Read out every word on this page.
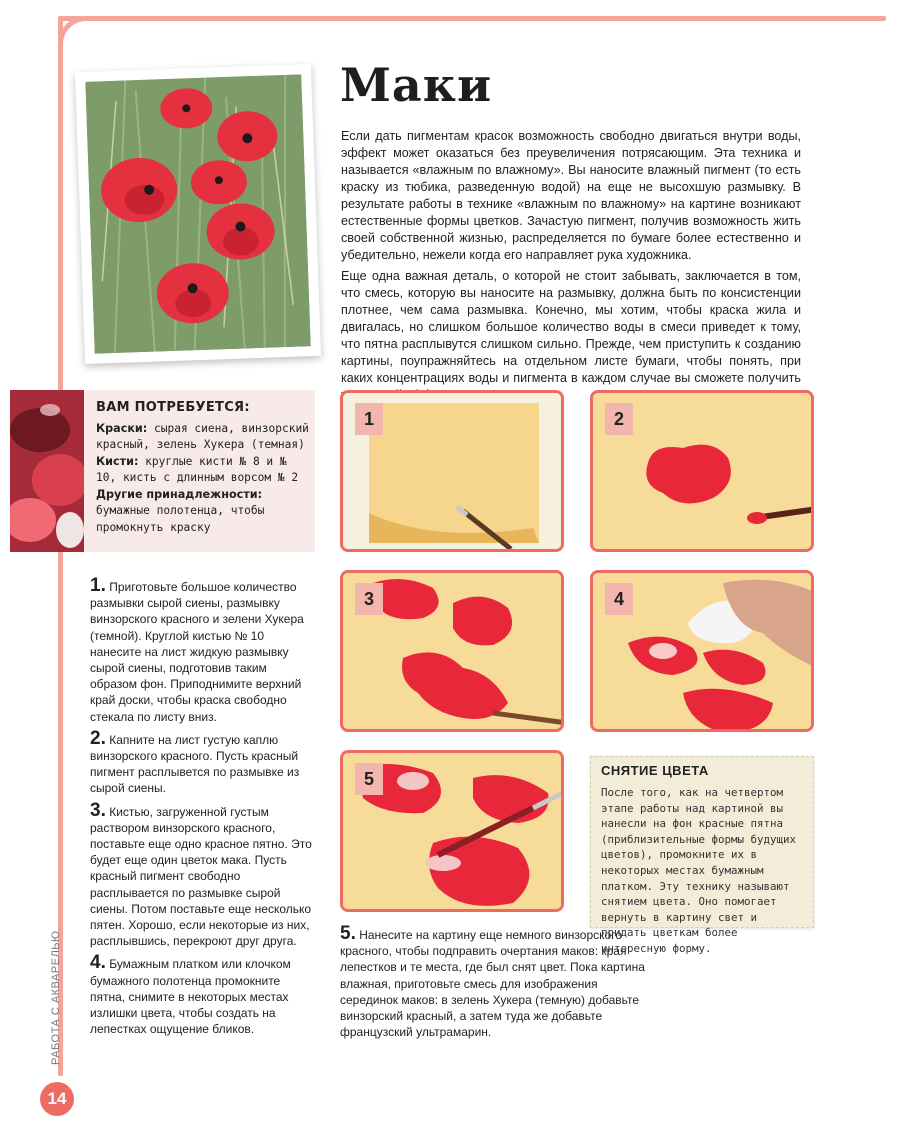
РАБОТА С АКВАРЕЛЬЮ
14
Маки

Если дать пигментам красок возможность свободно двигаться внутри воды, эффект может оказаться без преувеличения потрясающим. Эта техника и называется «влажным по влажному». Вы наносите влажный пигмент (то есть краску из тюбика, разведенную водой) на еще не высохшую размывку. В результате работы в технике «влажным по влажному» на картине возникают естественные формы цветков. Зачастую пигмент, получив возможность жить своей собственной жизнью, распределяется по бумаге более естественно и убедительно, нежели когда его направляет рука художника.

Еще одна важная деталь, о которой не стоит забывать, заключается в том, что смесь, которую вы наносите на размывку, должна быть по консистенции плотнее, чем сама размывка. Конечно, мы хотим, чтобы краска жила и двигалась, но слишком большое количество воды в смеси приведет к тому, что пятна расплывутся слишком сильно. Прежде, чем приступить к созданию картины, поупражняйтесь на отдельном листе бумаги, чтобы понять, при каких концентрациях воды и пигмента в каждом случае вы сможете получить

ВАМ ПОТРЕБУЕТСЯ:
Краски: сырая сиена, винзорский красный, зелень Хукера (темная)
Кисти: круглые кисти № 8 и № 10, кисть с длинным ворсом № 2
Другие принадлежности: бумажные полотенца, чтобы промокнуть краску
1. Приготовьте большое количество размывки сырой сиены, размывку винзорского красного и зелени Хукера (темной). Круглой кистью № 10 нанесите на лист жидкую размывку сырой сиены, подготовив таким образом фон. Приподнимите верхний край доски, чтобы краска свободно стекала по листу вниз.
2. Капните на лист густую каплю винзорского красного. Пусть красный пигмент расплывется по размывке из сырой сиены.
3. Кистью, загруженной густым раствором винзорского красного, поставьте еще одно красное пятно. Это будет еще один цветок мака. Пусть красный пигмент свободно расплывается по размывке сырой сиены. Потом поставьте еще несколько пятен. Хорошо, если некоторые из них, расплывшись, перекроют друг друга.
4. Бумажным платком или клочком бумажного полотенца промокните пятна, снимите в некоторых местах излишки цвета, чтобы создать на лепестках ощущение бликов.
5. Нанесите на картину еще немного винзорского красного, чтобы подправить очертания маков: края лепестков и те места, где был снят цвет. Пока картина влажная, приготовьте смесь для изображения серединок маков: в зелень Хукера (темную) добавьте винзорский красный, а затем туда же добавьте французский ультрамарин.
1	2
3	4
5	СНЯТИЕ ЦВЕТА
После того, как на четвертом этапе работы над картиной вы нанесли на фон красные пятна (приблизительные формы будущих цветов), промокните их в некоторых местах бумажным платком. Эту технику называют снятием цвета. Оно помогает вернуть в картину свет и придать цветкам более интересную форму.
